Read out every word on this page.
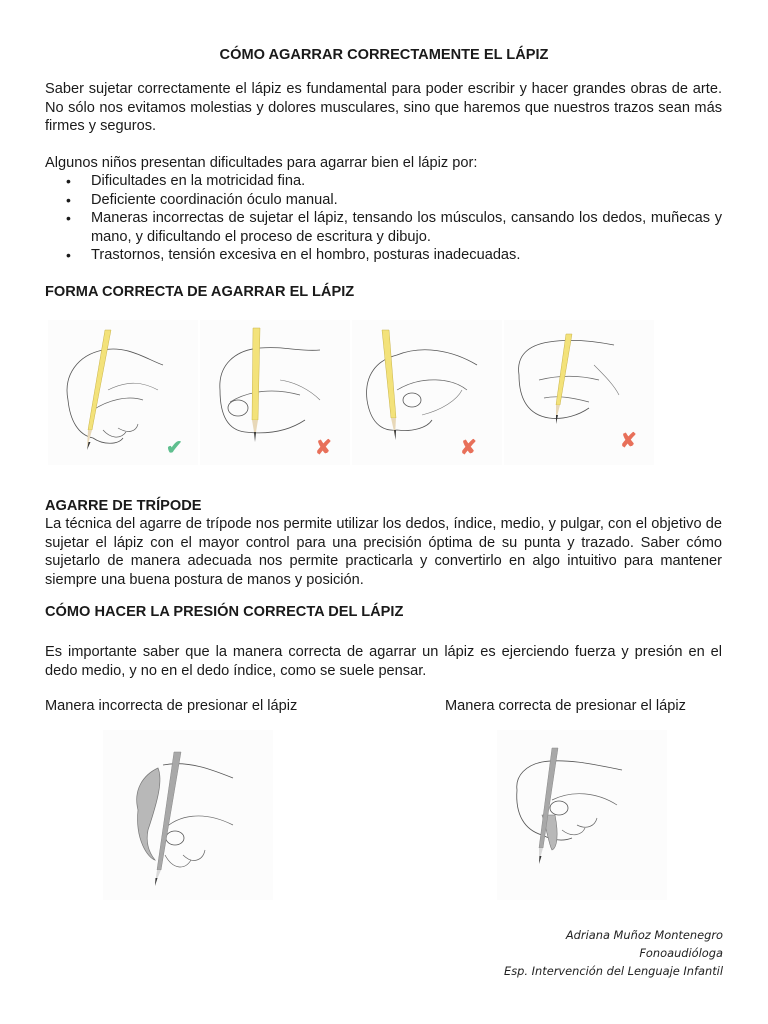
CÓMO AGARRAR CORRECTAMENTE EL LÁPIZ
Saber sujetar correctamente el lápiz es fundamental para poder escribir y hacer grandes obras de arte. No sólo nos evitamos molestias y dolores musculares, sino que haremos que nuestros trazos sean más firmes y seguros.
Algunos niños presentan dificultades para agarrar bien el lápiz por:
• Dificultades en la motricidad fina.
• Deficiente coordinación óculo manual.
• Maneras incorrectas de sujetar el lápiz, tensando los músculos, cansando los dedos, muñecas y mano, y dificultando el proceso de escritura y dibujo.
• Trastornos, tensión excesiva en el hombro, posturas inadecuadas.
FORMA CORRECTA DE AGARRAR EL LÁPIZ
✔	✘	✘	✘
AGARRE DE TRÍPODE
La técnica del agarre de trípode nos permite utilizar los dedos, índice, medio, y pulgar, con el objetivo de sujetar el lápiz con el mayor control para una precisión óptima de su punta y trazado. Saber cómo sujetarlo de manera adecuada nos permite practicarla y convertirlo en algo intuitivo para mantener siempre una buena postura de manos y posición.
CÓMO HACER LA PRESIÓN CORRECTA DEL LÁPIZ
Es importante saber que la manera correcta de agarrar un lápiz es ejerciendo fuerza y presión en el dedo medio, y no en el dedo índice, como se suele pensar.
Manera incorrecta de presionar el lápiz	Manera correcta de presionar el lápiz
Adriana Muñoz Montenegro
Fonoaudióloga
Esp. Intervención del Lenguaje Infantil
